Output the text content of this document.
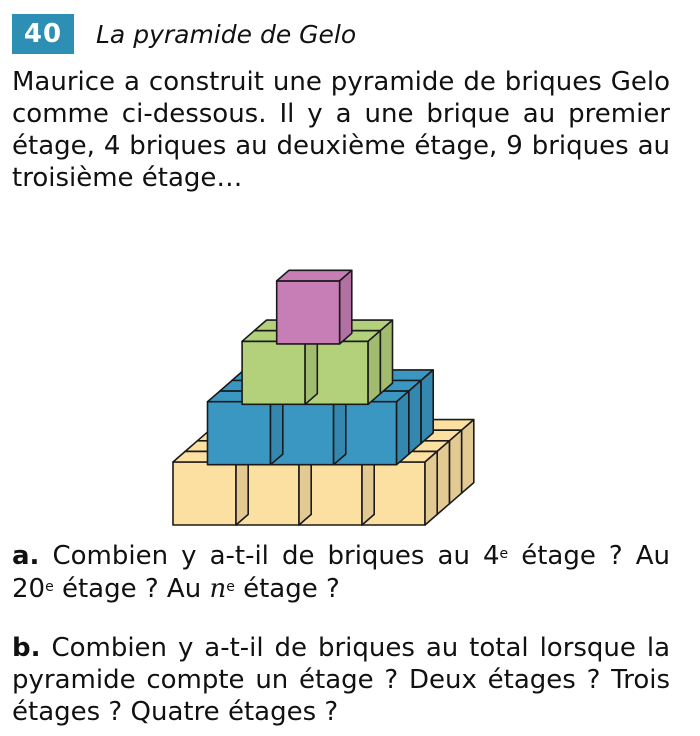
40	La pyramide de Gelo
Maurice a construit une pyramide de briques Gelo comme ci-dessous. Il y a une brique au premier étage, 4 briques au deuxième étage, 9 briques au troisième étage…
a. Combien y a-t-il de briques au 4e étage ? Au 20e étage ? Au $n^e$ étage ?
b. Combien y a-t-il de briques au total lorsque la pyramide compte un étage ? Deux étages ? Trois étages ? Quatre étages ?
